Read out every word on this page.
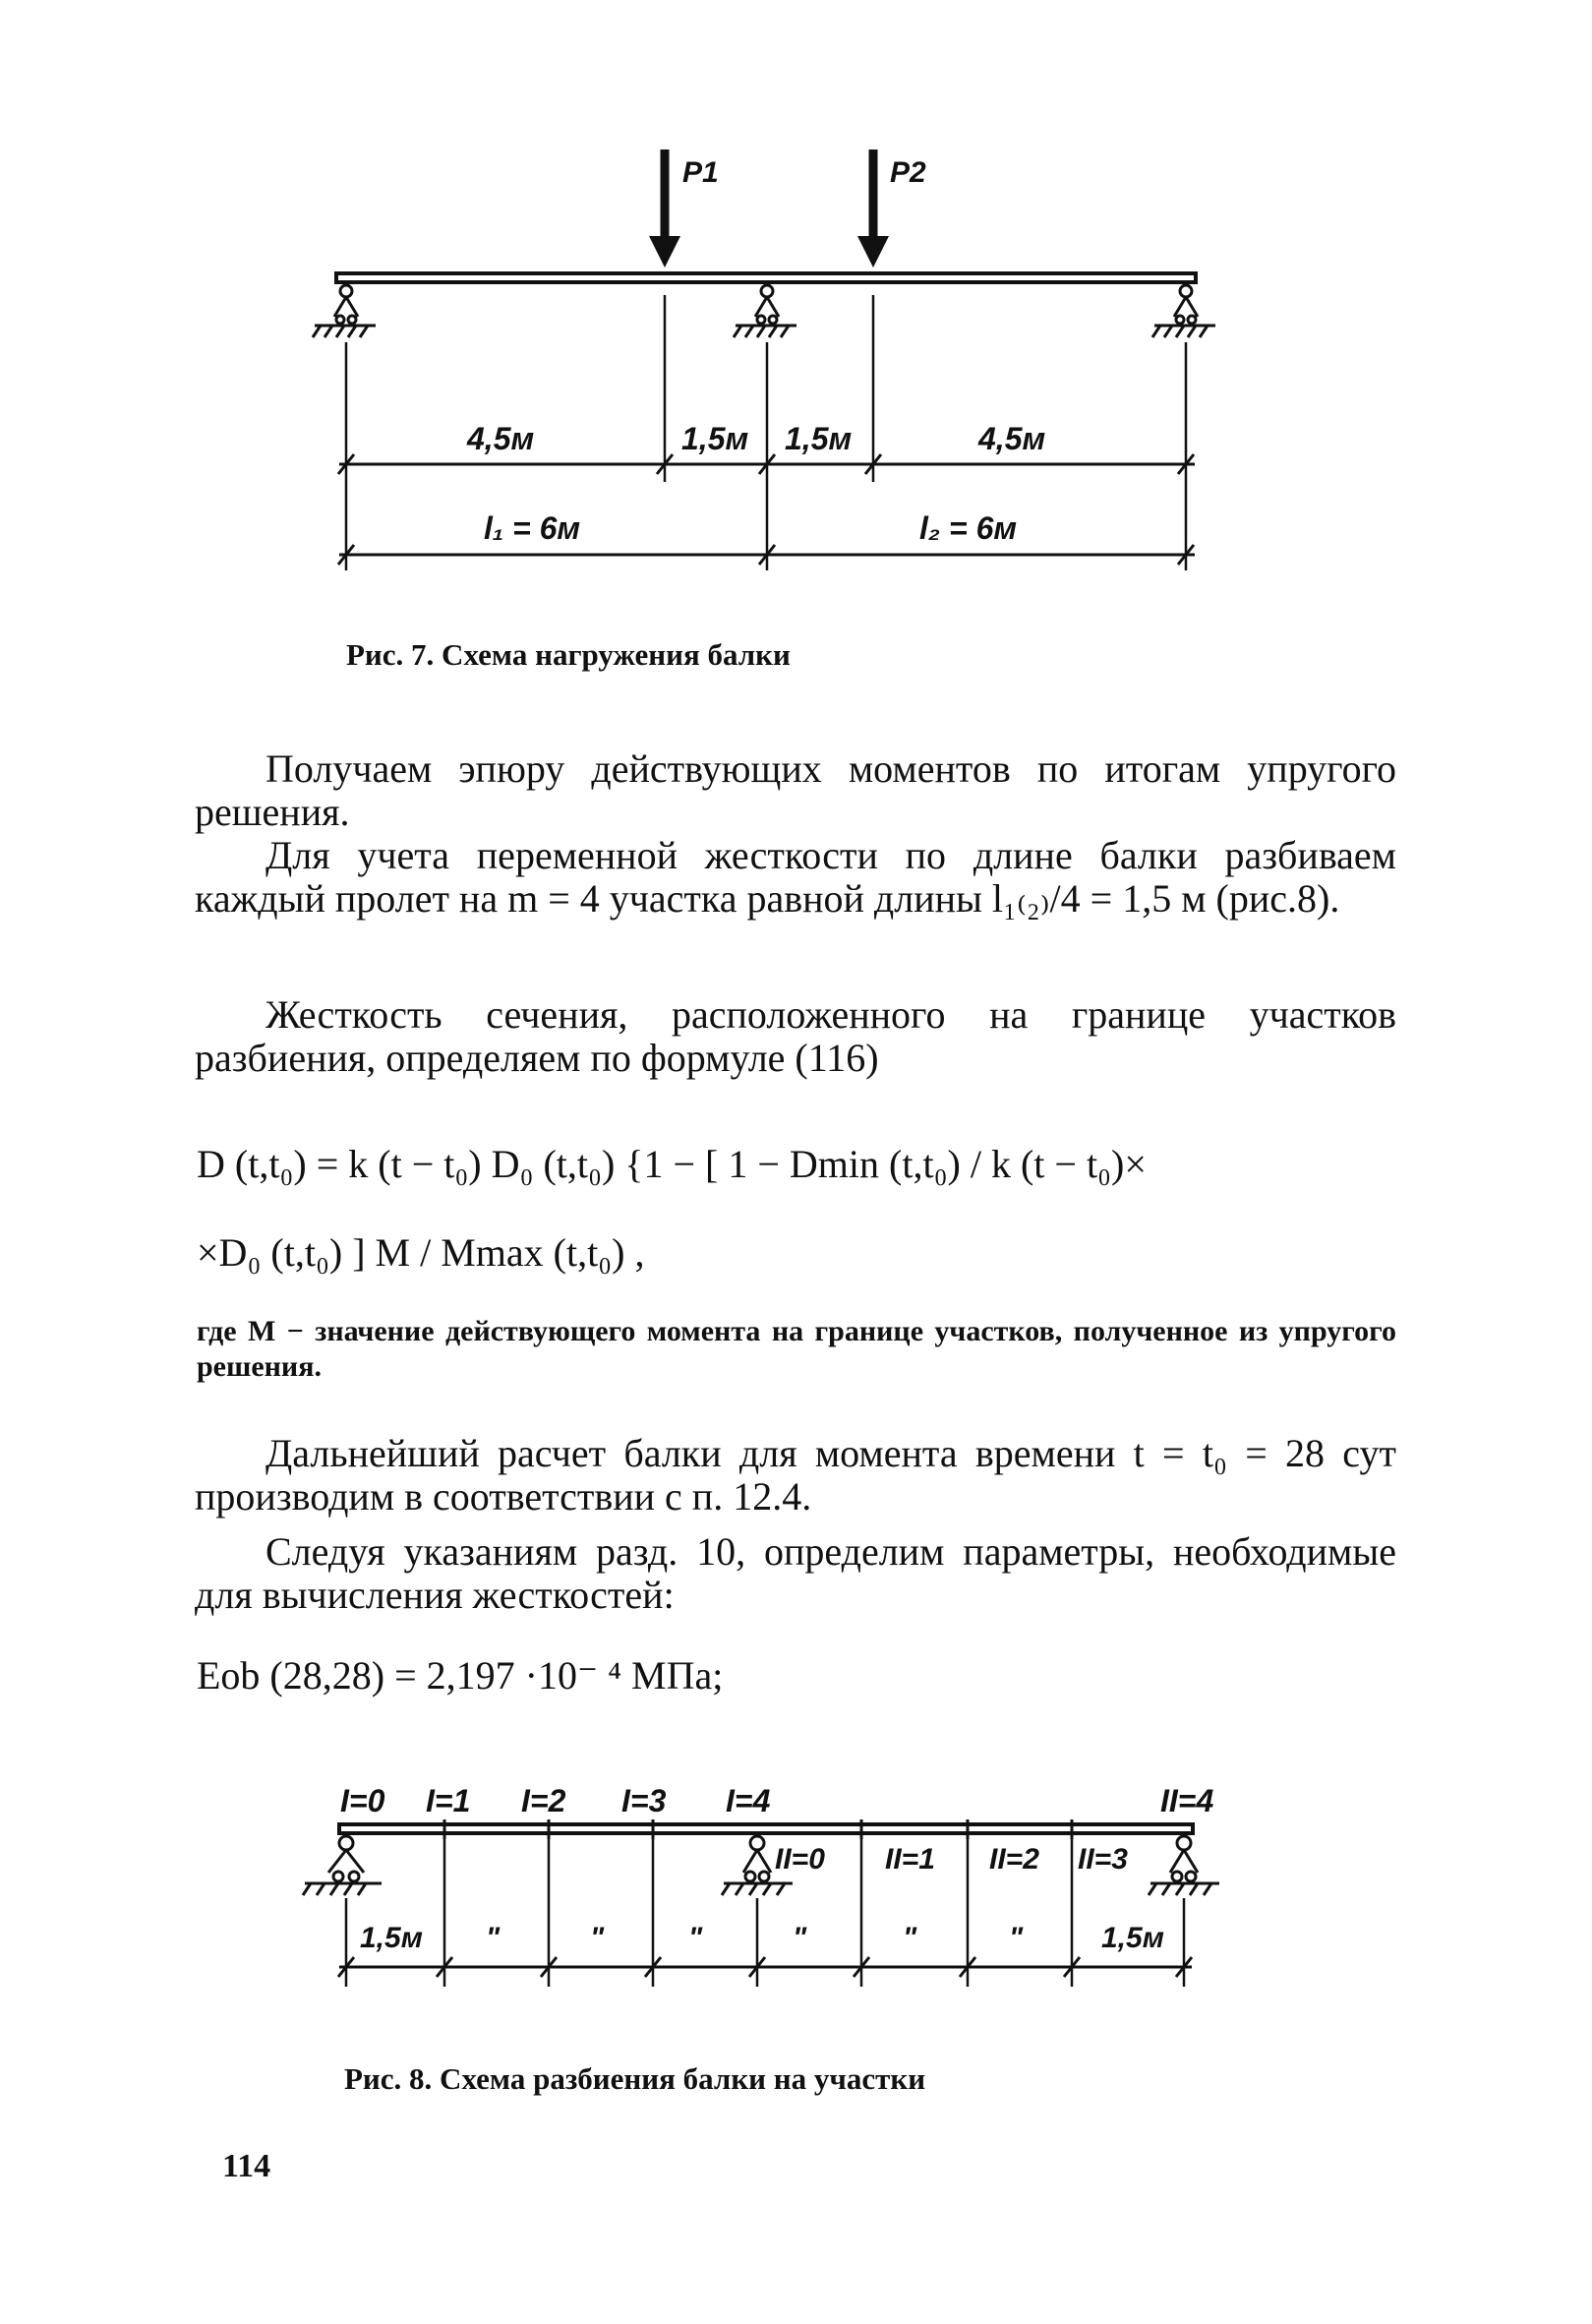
P1	P2
4,5м	1,5м 1,5м	4,5м
l₁ = 6м	l₂ = 6м
Рис. 7. Схема нагружения балки
Получаем эпюру действующих моментов по итогам упругого решения.
Для учета переменной жесткости по длине балки разбиваем каждый пролет на m = 4 участка равной длины l₁₍₂₎/4 = 1,5 м (рис.8).
Жесткость сечения, расположенного на границе участков разбиения, определяем по формуле (116)
D (t,t₀) = k (t − t₀) D₀ (t,t₀) {1 − [ 1 − Dmin (t,t₀) / k (t − t₀)×
×D₀ (t,t₀) ] M / Mmax (t,t₀) ,
где M − значение действующего момента на границе участков, полученное из упругого решения.
Дальнейший расчет балки для момента времени t = t₀ = 28 сут производим в соответствии с п. 12.4.
Следуя указаниям разд. 10, определим параметры, необходимые для вычисления жесткостей:
Eob (28,28) = 2,197 ·10⁻ ⁴ МПа;
I=0 I=1 I=2 I=3 I=4	II=4
II=0 II=1 II=2 II=3
1,5м "	"	"	"	"	"	1,5м
Рис. 8. Схема разбиения балки на участки
114
